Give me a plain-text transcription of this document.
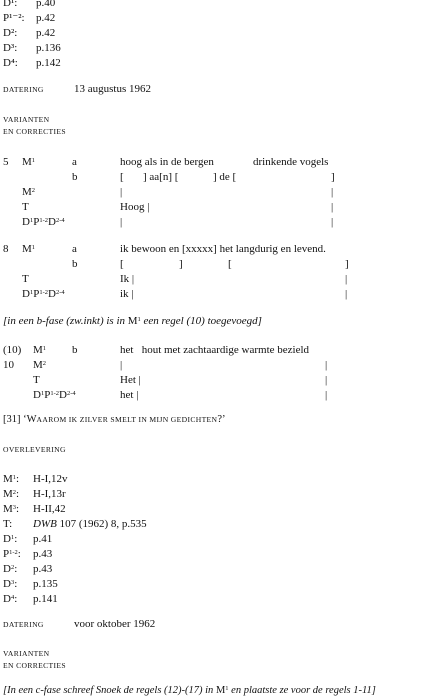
D¹: p.40
P¹⁻²: p.42
D²: p.42
D³: p.136
D⁴: p.142
DATERING	13 augustus 1962
VARIANTEN
EN CORRECTIES
5 $M^1$	a	hoog als in de bergen	drinkende vogels
b	[ ] aa[n] [	] de [	]
$M^2$	|	|
T	Hoog |	|
$D^1P^{1-2}D^{2-4}$	|	|
8 $M^1$	a	ik bewoon en [xxxxx] het langdurig en levend.
b	[	]	[	]
T	Ik |	|
$D^1P^{1-2}D^{2-4}$	ik |	|
[in een b-fase (zw.inkt) is in $M^1$ een regel (10) toegevoegd]
(10) $M^1$ b	het   hout met zachtaardige warmte bezield
10 $M^2$	|	|
T	Het |	|
$D^1P^{1-2}D^{2-4}$	het |	|
[31] ‘WAAROM IK ZILVER SMELT IN MIJN GEDICHTEN?’
OVERLEVERING
$M^1$: H-I,12v
$M^2$: H-I,13r
$M^3$: H-II,42
T: DWB 107 (1962) 8, p.535
$D^1$: p.41
$P^{1-2}$: p.43
$D^2$: p.43
$D^3$: p.135
$D^4$: p.141
DATERING	voor oktober 1962
VARIANTEN
EN CORRECTIES
[In een c-fase schreef Snoek de regels (12)-(17) in $M^1$ en plaatste ze voor de regels 1-11]
